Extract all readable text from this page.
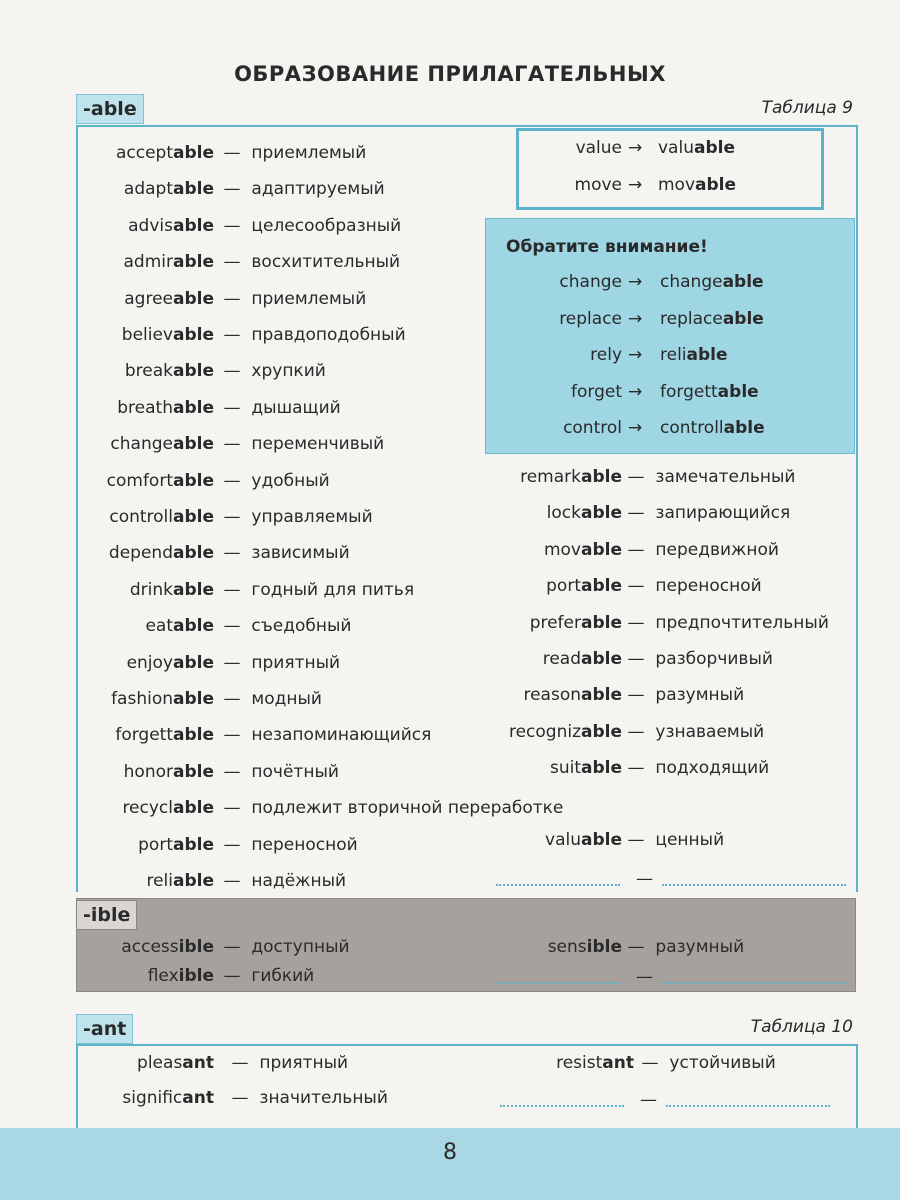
ОБРАЗОВАНИЕ ПРИЛАГАТЕЛЬНЫХ
-able	Таблица 9
acceptable — приемлемый
adaptable — адаптируемый
advisable — целесообразный
admirable — восхитительный
agreeable — приемлемый
believable — правдоподобный
breakable — хрупкий
breathable — дышащий
changeable — переменчивый
comfortable — удобный
controllable — управляемый
dependable — зависимый
drinkable — годный для питья
eatable — съедобный
enjoyable — приятный
fashionable — модный
forgettable — незапоминающийся
honorable — почётный
recyclable — подлежит вторичной переработке
portable — переносной
reliable — надёжный
remarkable — замечательный
lockable — запирающийся
movable — передвижной
portable — переносной
preferable — предпочтительный
readable — разборчивый
reasonable — разумный
recognizable — узнаваемый
suitable — подходящий
value → valuable
move → movable
Обратите внимание!
change → changeable
replace → replaceable
rely → reliable
forget → forgettable
control → controllable
valuable — ценный
—
-ible
accessible — доступный
flexible — гибкий
sensible — разумный
—
-ant	Таблица 10
pleasant	— приятный
significant	— значительный
resistant — устойчивый
—
8
